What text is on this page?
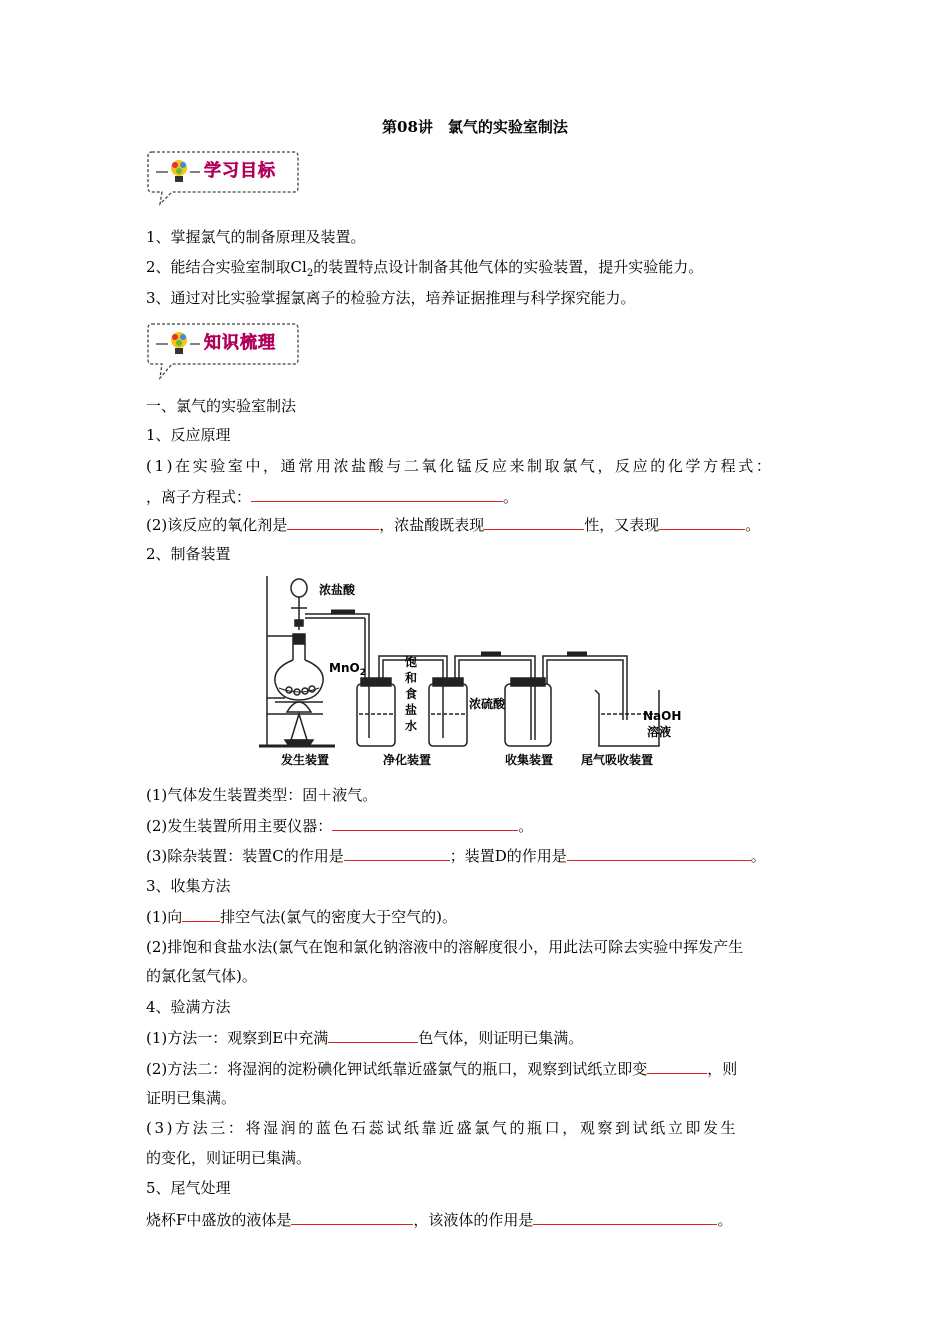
第08讲　氯气的实验室制法
学习目标
1、掌握氯气的制备原理及装置。
2、能结合实验室制取$Cl_2$的装置特点设计制备其他气体的实验装置，提升实验能力。
3、通过对比实验掌握氯离子的检验方法，培养证据推理与科学探究能力。
知识梳理
一、氯气的实验室制法
1、反应原理
(1)在实验室中，通常用浓盐酸与二氧化锰反应来制取氯气，反应的化学方程式：
，离子方程式：	。
(2)该反应的氧化剂是	，浓盐酸既表现	性，又表现	。
2、制备装置
浓盐酸
MnO$_2$
饱
和
食
盐
水
浓硫酸
NaOH
溶液
发生装置	净化装置	收集装置 尾气吸收装置
(1)气体发生装置类型：固＋液气。
(2)发生装置所用主要仪器：	。
(3)除杂装置：装置C的作用是	；装置D的作用是	。
3、收集方法
(1)向	排空气法(氯气的密度大于空气的)。
(2)排饱和食盐水法(氯气在饱和氯化钠溶液中的溶解度很小，用此法可除去实验中挥发产生
的氯化氢气体)。
4、验满方法
(1)方法一：观察到E中充满	色气体，则证明已集满。
(2)方法二：将湿润的淀粉碘化钾试纸靠近盛氯气的瓶口，观察到试纸立即变	，则
证明已集满。
(3)方法三：将湿润的蓝色石蕊试纸靠近盛氯气的瓶口，观察到试纸立即发生
的变化，则证明已集满。
5、尾气处理
烧杯F中盛放的液体是	，该液体的作用是	。
